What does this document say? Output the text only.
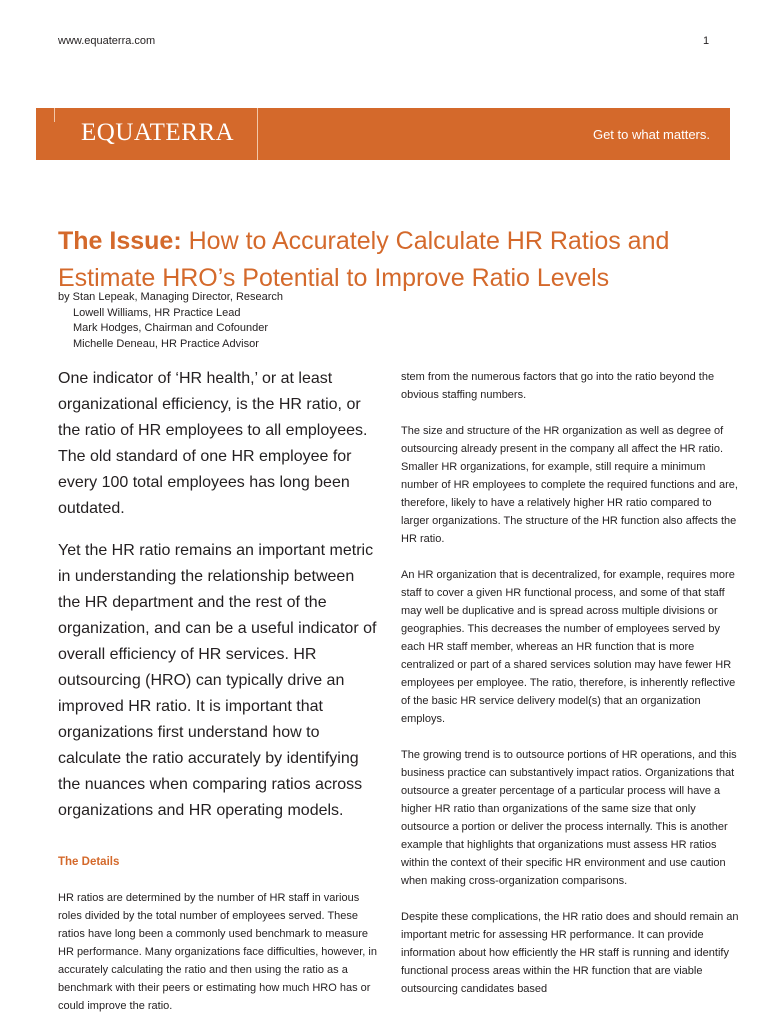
www.equaterra.com	1
EQUATERRA	Get to what matters.
The Issue: How to Accurately Calculate HR Ratios and Estimate HRO’s Potential to Improve Ratio Levels
by Stan Lepeak, Managing Director, Research
Lowell Williams, HR Practice Lead
Mark Hodges, Chairman and Cofounder
Michelle Deneau, HR Practice Advisor

One indicator of ‘HR health,’ or at least organizational efficiency, is the HR ratio, or the ratio of HR employees to all employees. The old standard of one HR employee for every 100 total employees has long been outdated.

Yet the HR ratio remains an important metric in understanding the relationship between the HR department and the rest of the organization, and can be a useful indicator of overall efficiency of HR services. HR outsourcing (HRO) can typically drive an improved HR ratio. It is important that organizations first understand how to calculate the ratio accurately by identifying the nuances when comparing ratios across organizations and HR operating models.

The Details

HR ratios are determined by the number of HR staff in various roles divided by the total number of employees served. These ratios have long been a commonly used benchmark to measure HR performance. Many organizations face difficulties, however, in accurately calculating the ratio and then using the ratio as a benchmark with their peers or estimating how much HRO has or could improve the ratio.

stem from the numerous factors that go into the ratio beyond the obvious staffing numbers.

The size and structure of the HR organization as well as degree of outsourcing already present in the company all affect the HR ratio. Smaller HR organizations, for example, still require a minimum number of HR employees to complete the required functions and are, therefore, likely to have a relatively higher HR ratio compared to larger organizations. The structure of the HR function also affects the HR ratio.

An HR organization that is decentralized, for example, requires more staff to cover a given HR functional process, and some of that staff may well be duplicative and is spread across multiple divisions or geographies. This decreases the number of employees served by each HR staff member, whereas an HR function that is more centralized or part of a shared services solution may have fewer HR employees per employee. The ratio, therefore, is inherently reflective of the basic HR service delivery model(s) that an organization employs.

The growing trend is to outsource portions of HR operations, and this business practice can substantively impact ratios. Organizations that outsource a greater percentage of a particular process will have a higher HR ratio than organizations of the same size that only outsource a portion or deliver the process internally. This is another example that highlights that organizations must assess HR ratios within the context of their specific HR environment and use caution when making cross-organization comparisons.

Despite these complications, the HR ratio does and should remain an important metric for assessing HR performance. It can provide information about how efficiently the HR staff is running and identify functional process areas within the HR function that are viable outsourcing candidates based
